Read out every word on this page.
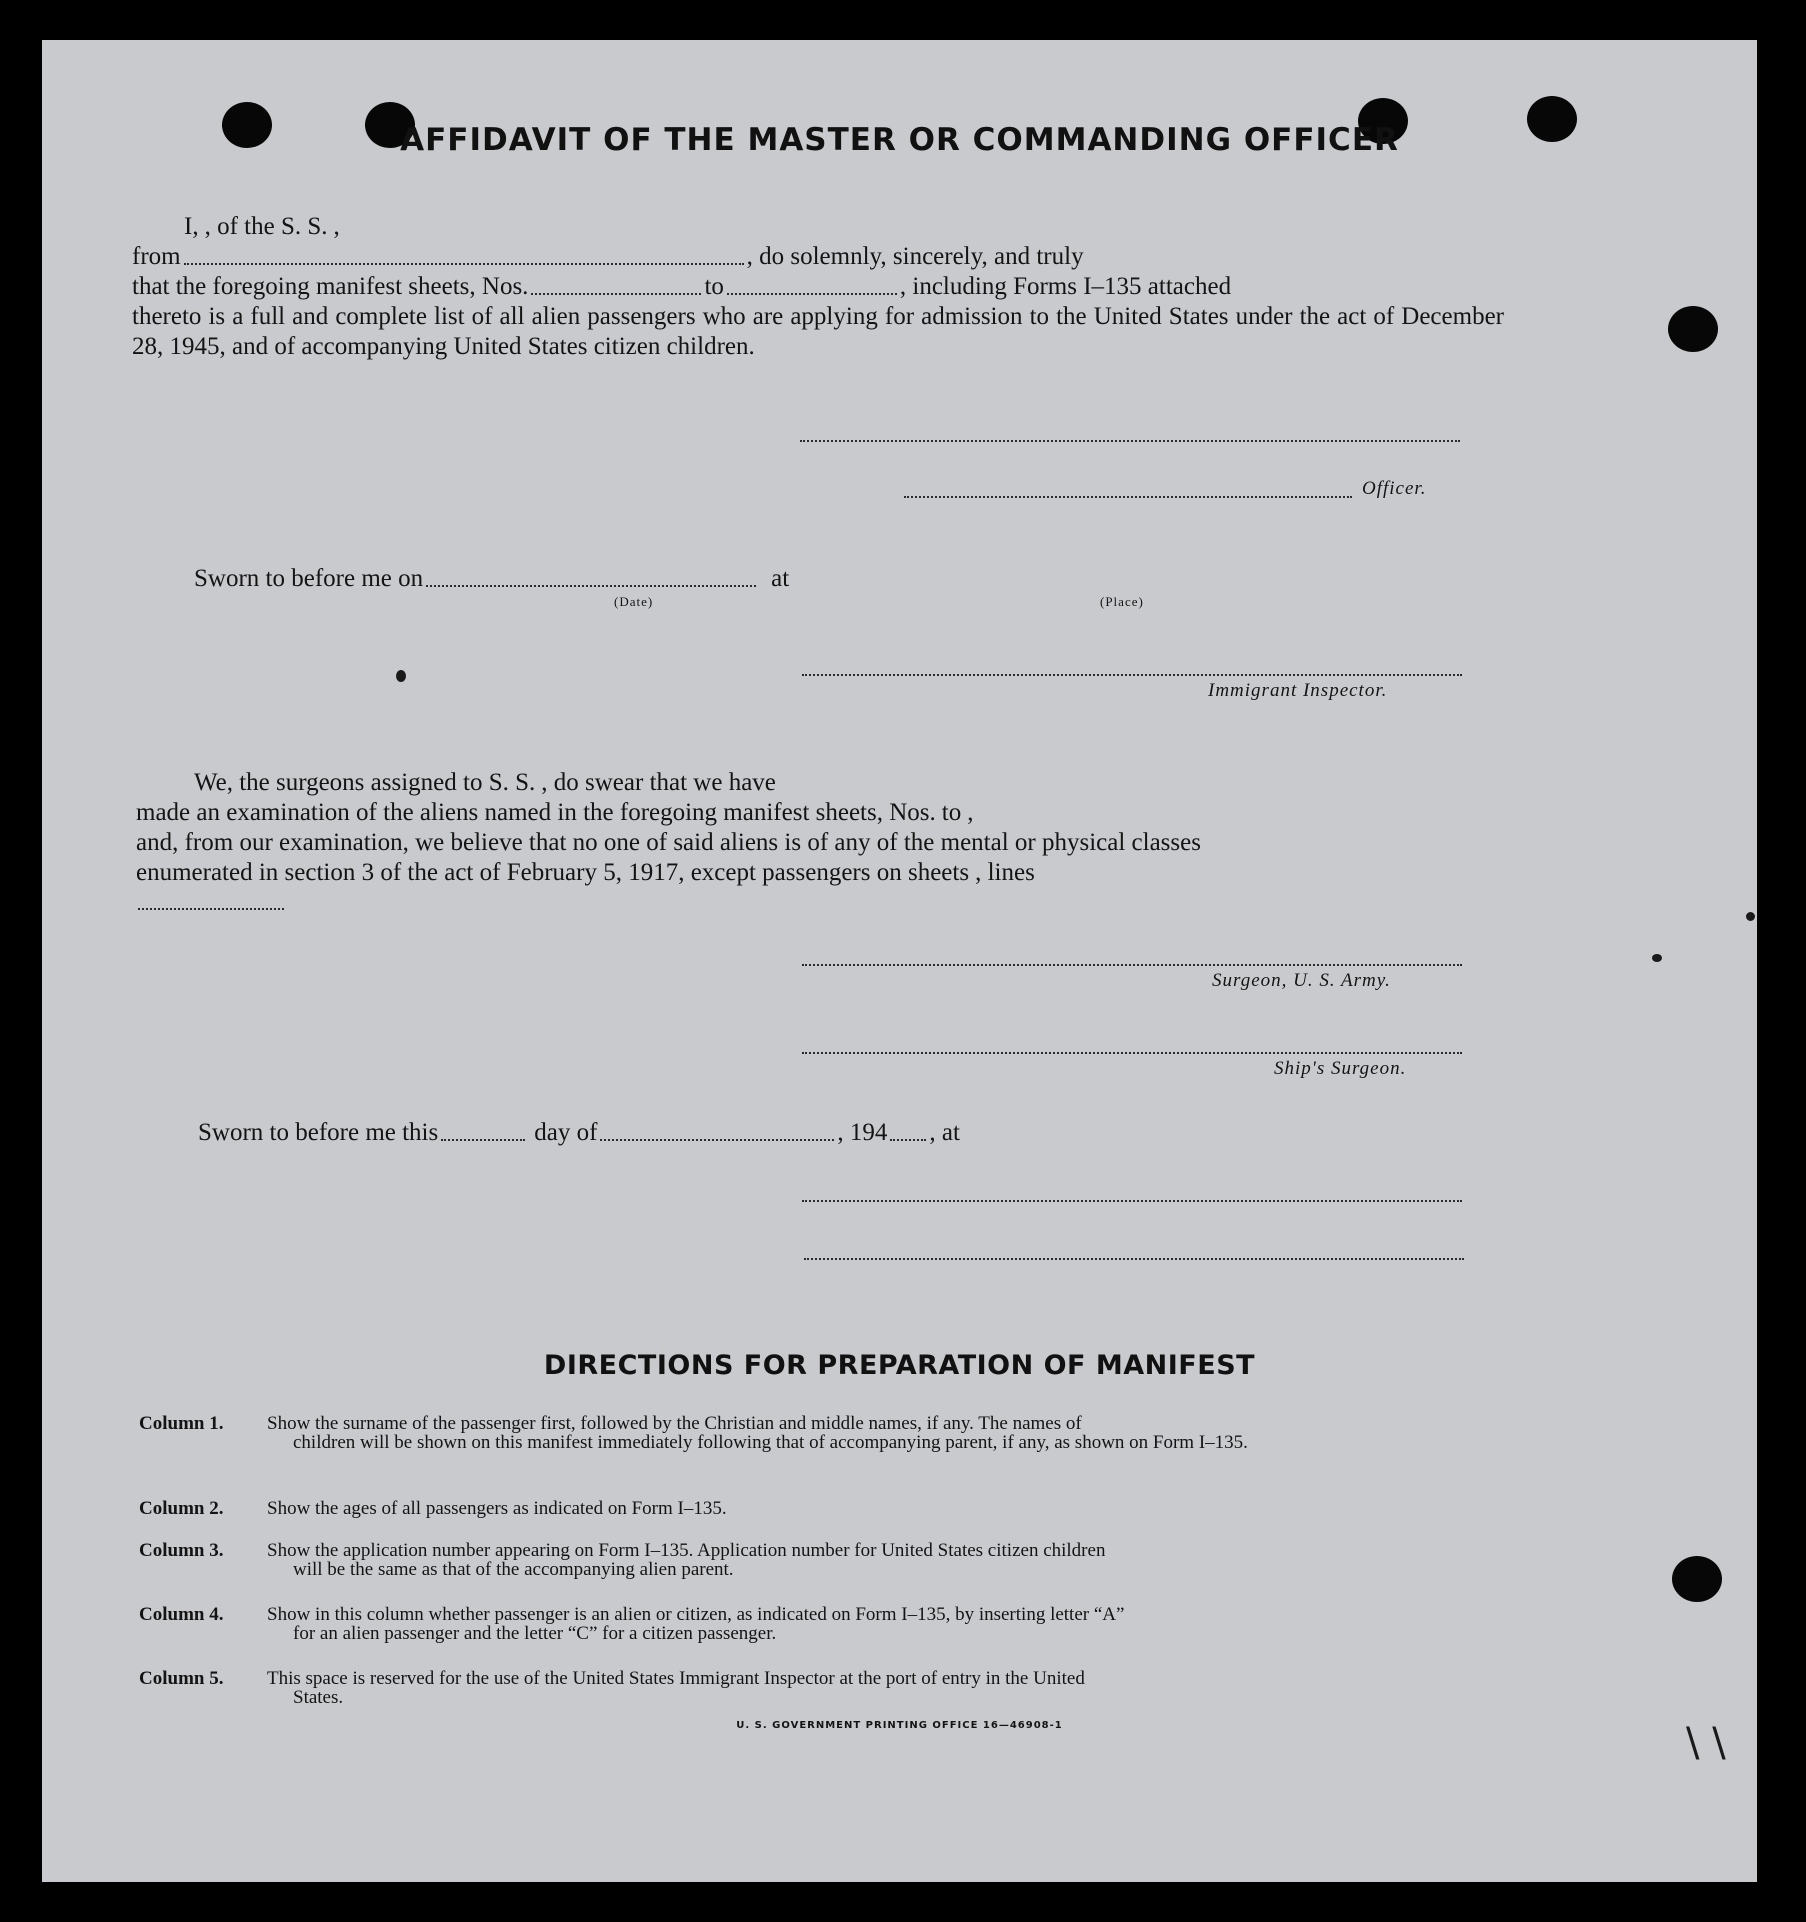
AFFIDAVIT OF THE MASTER OR COMMANDING OFFICER
I, , of the S. S. ,
from	, do solemnly, sincerely, and truly
that the foregoing manifest sheets, Nos.	to	, including Forms I–135 attached
thereto is a full and complete list of all alien passengers who are applying for admission to the United States under the act of December 28, 1945, and of accompanying United States citizen children.
Officer.
Sworn to before me on	at
(Date)	(Place)
Immigrant Inspector.
We, the surgeons assigned to S. S. , do swear that we have
made an examination of the aliens named in the foregoing manifest sheets, Nos. to ,
and, from our examination, we believe that no one of said aliens is of any of the mental or physical classes
enumerated in section 3 of the act of February 5, 1917, except passengers on sheets , lines
Surgeon, U. S. Army.
Ship's Surgeon.
Sworn to before me this	day of	, 194 , at
DIRECTIONS FOR PREPARATION OF MANIFEST
Column 1.	Show the surname of the passenger first, followed by the Christian and middle names, if any. The names of
children will be shown on this manifest immediately following that of accompanying parent, if any, as shown on Form I–135.
Column 2.	Show the ages of all passengers as indicated on Form I–135.
Column 3.	Show the application number appearing on Form I–135. Application number for United States citizen children
will be the same as that of the accompanying alien parent.
Column 4.	Show in this column whether passenger is an alien or citizen, as indicated on Form I–135, by inserting letter “A”
for an alien passenger and the letter “C” for a citizen passenger.
Column 5.	This space is reserved for the use of the United States Immigrant Inspector at the port of entry in the United
States.
U. S. GOVERNMENT PRINTING OFFICE 16—46908-1	\ \
